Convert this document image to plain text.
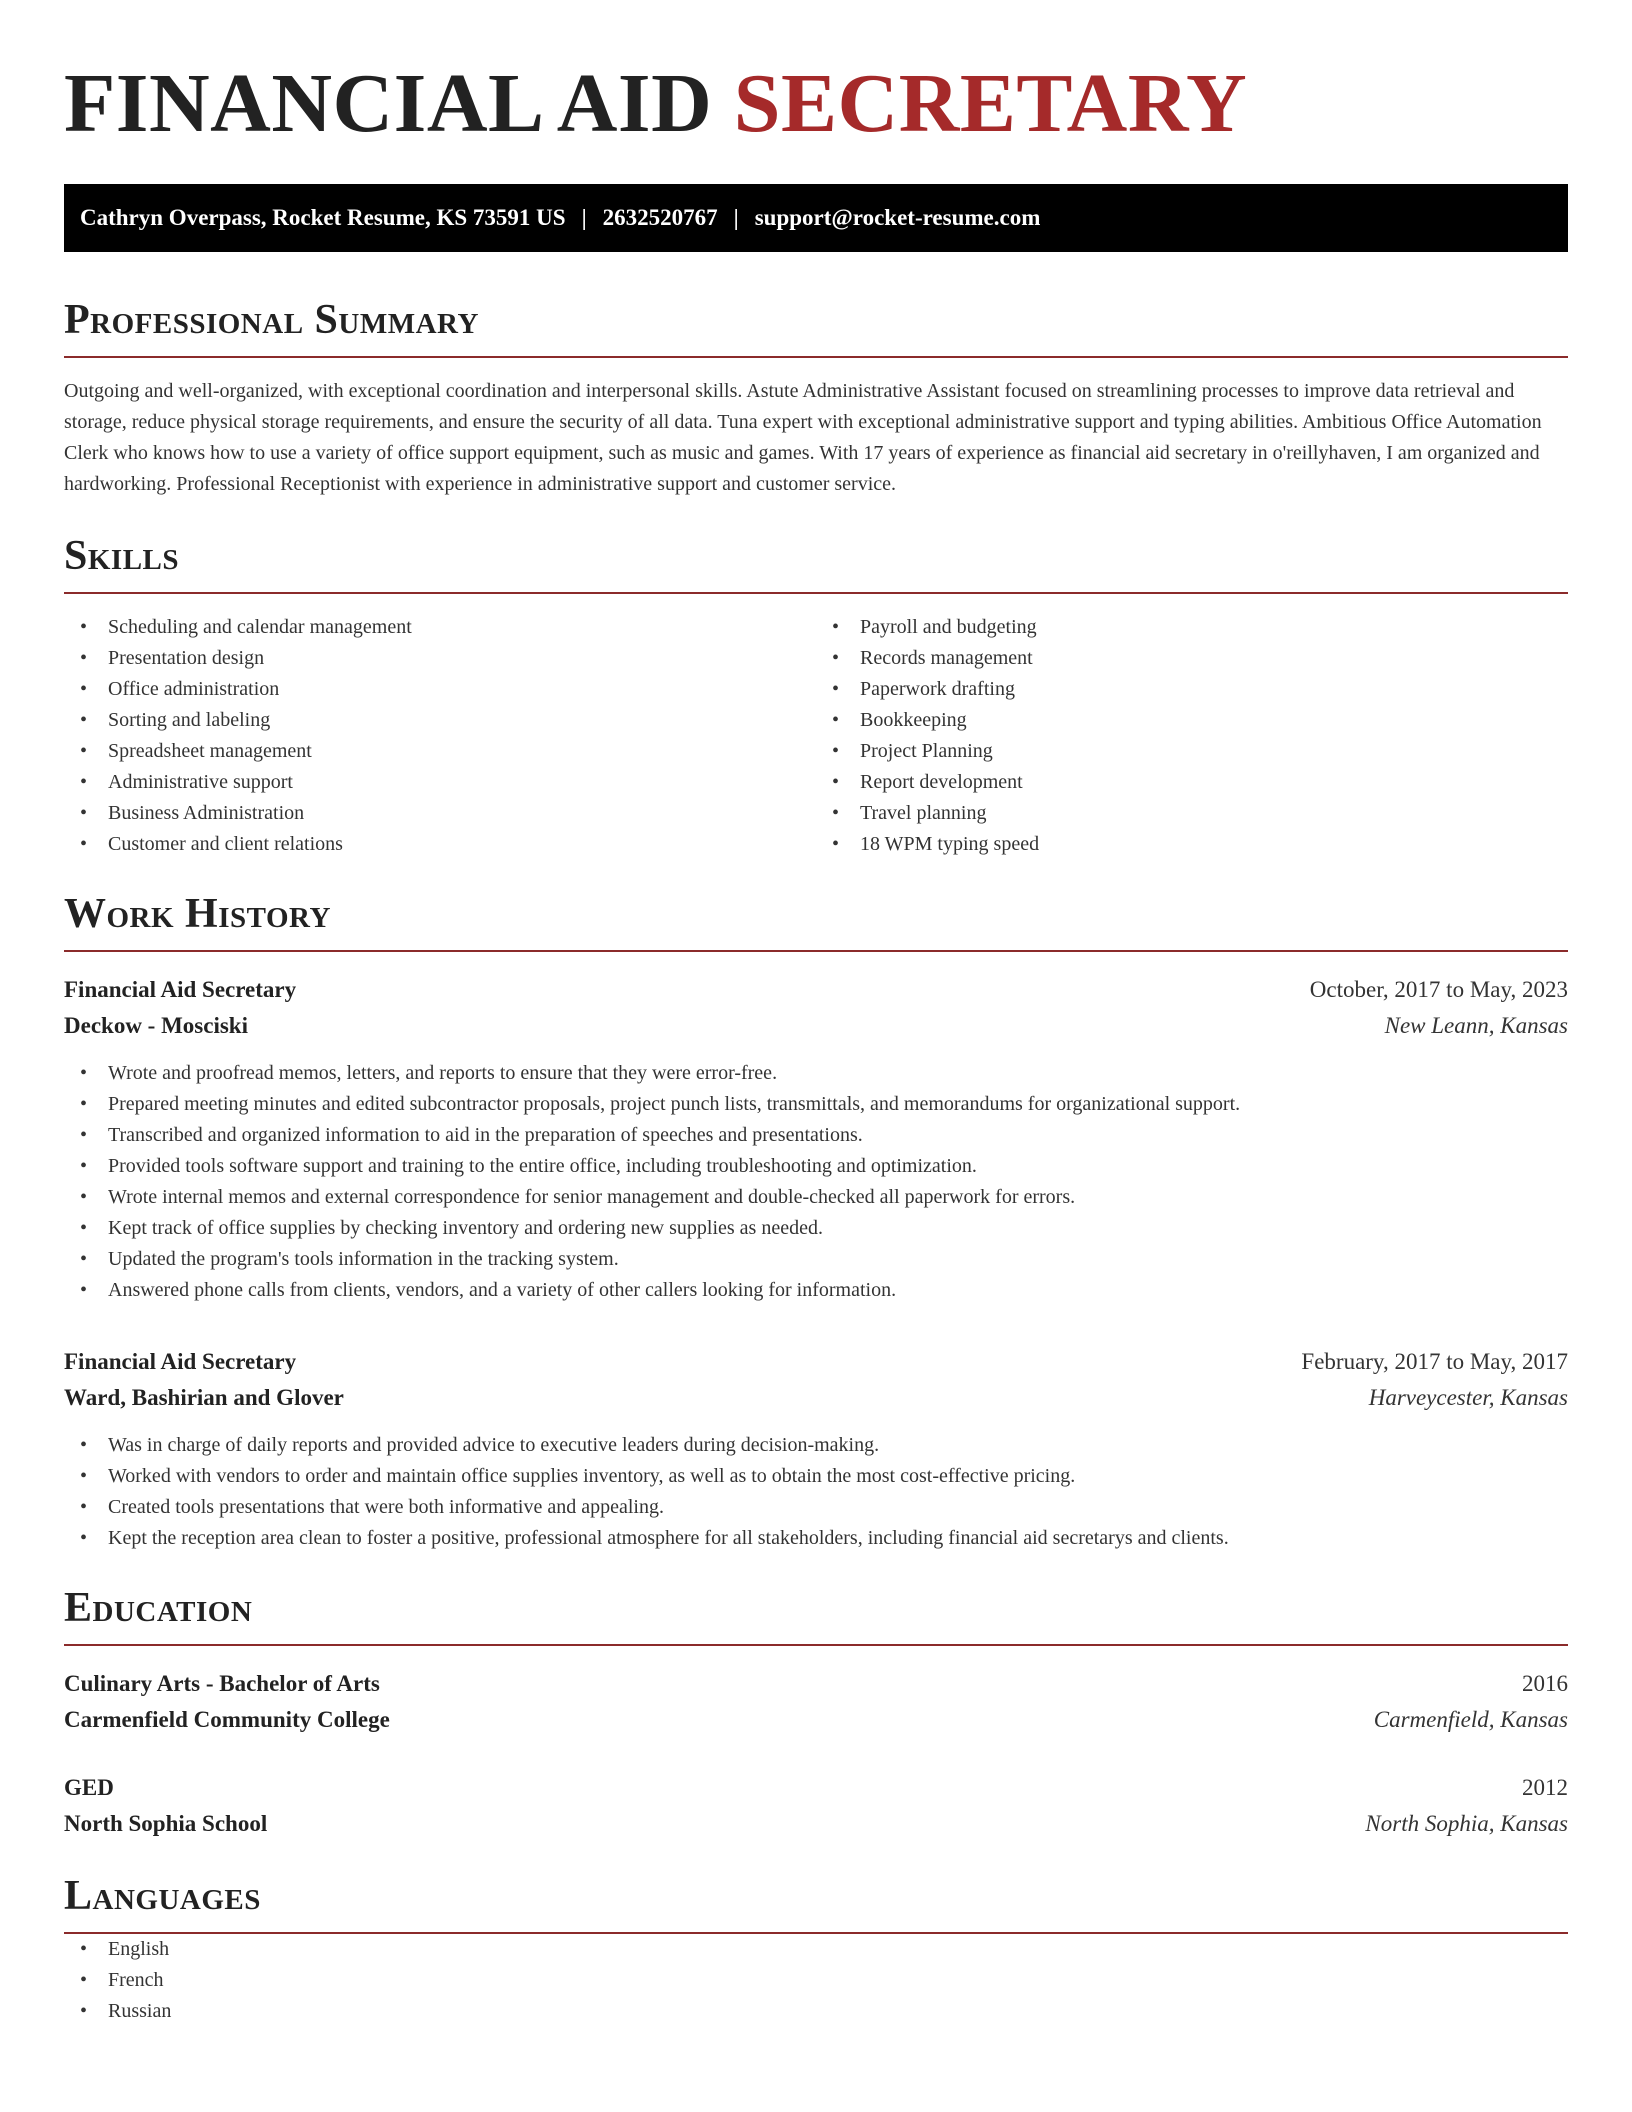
FINANCIAL AID SECRETARY
Cathryn Overpass, Rocket Resume, KS 73591 US | 2632520767 | support@rocket-resume.com
Professional Summary

Outgoing and well-organized, with exceptional coordination and interpersonal skills. Astute Administrative Assistant focused on streamlining processes to improve data retrieval and storage, reduce physical storage requirements, and ensure the security of all data. Tuna expert with exceptional administrative support and typing abilities. Ambitious Office Automation Clerk who knows how to use a variety of office support equipment, such as music and games. With 17 years of experience as financial aid secretary in o'reillyhaven, I am organized and hardworking. Professional Receptionist with experience in administrative support and customer service.

Skills
• Scheduling and calendar management
• Presentation design
• Office administration
• Sorting and labeling
• Spreadsheet management
• Administrative support
• Business Administration
• Customer and client relations
• Payroll and budgeting
• Records management
• Paperwork drafting
• Bookkeeping
• Project Planning
• Report development
• Travel planning
• 18 WPM typing speed
Work History
Financial Aid Secretary	October, 2017 to May, 2023
Deckow - Mosciski	New Leann, Kansas
• Wrote and proofread memos, letters, and reports to ensure that they were error-free.
• Prepared meeting minutes and edited subcontractor proposals, project punch lists, transmittals, and memorandums for organizational support.
• Transcribed and organized information to aid in the preparation of speeches and presentations.
• Provided tools software support and training to the entire office, including troubleshooting and optimization.
• Wrote internal memos and external correspondence for senior management and double-checked all paperwork for errors.
• Kept track of office supplies by checking inventory and ordering new supplies as needed.
• Updated the program's tools information in the tracking system.
• Answered phone calls from clients, vendors, and a variety of other callers looking for information.
Financial Aid Secretary	February, 2017 to May, 2017
Ward, Bashirian and Glover	Harveycester, Kansas
• Was in charge of daily reports and provided advice to executive leaders during decision-making.
• Worked with vendors to order and maintain office supplies inventory, as well as to obtain the most cost-effective pricing.
• Created tools presentations that were both informative and appealing.
• Kept the reception area clean to foster a positive, professional atmosphere for all stakeholders, including financial aid secretarys and clients.
Education
Culinary Arts - Bachelor of Arts	2016
Carmenfield Community College	Carmenfield, Kansas
GED	2012
North Sophia School	North Sophia, Kansas
Languages
• English
• French
• Russian
